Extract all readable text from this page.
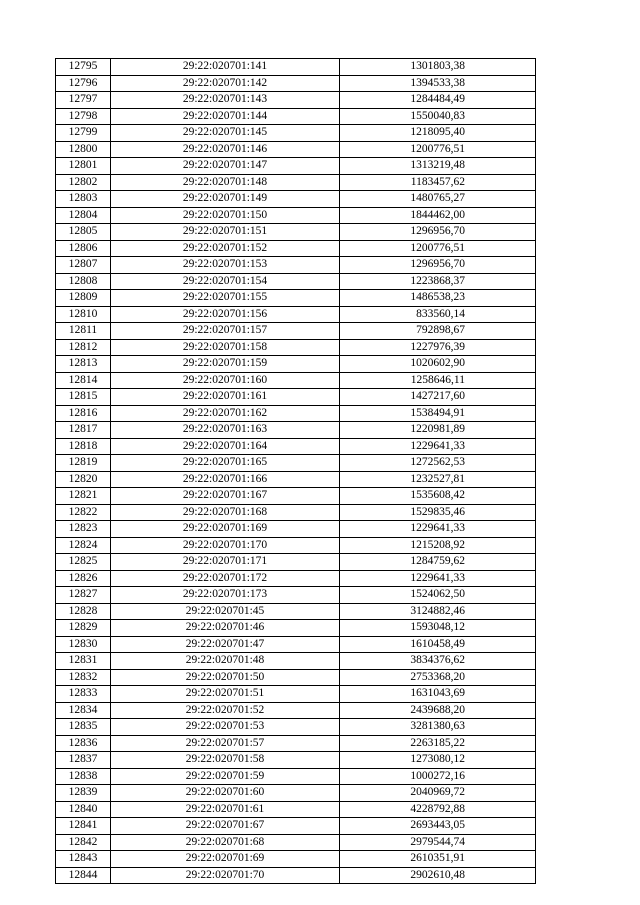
12795	29:22:020701:141	1301803,38
12796	29:22:020701:142	1394533,38
12797	29:22:020701:143	1284484,49
12798	29:22:020701:144	1550040,83
12799	29:22:020701:145	1218095,40
12800	29:22:020701:146	1200776,51
12801	29:22:020701:147	1313219,48
12802	29:22:020701:148	1183457,62
12803	29:22:020701:149	1480765,27
12804	29:22:020701:150	1844462,00
12805	29:22:020701:151	1296956,70
12806	29:22:020701:152	1200776,51
12807	29:22:020701:153	1296956,70
12808	29:22:020701:154	1223868,37
12809	29:22:020701:155	1486538,23
12810	29:22:020701:156	833560,14
12811	29:22:020701:157	792898,67
12812	29:22:020701:158	1227976,39
12813	29:22:020701:159	1020602,90
12814	29:22:020701:160	1258646,11
12815	29:22:020701:161	1427217,60
12816	29:22:020701:162	1538494,91
12817	29:22:020701:163	1220981,89
12818	29:22:020701:164	1229641,33
12819	29:22:020701:165	1272562,53
12820	29:22:020701:166	1232527,81
12821	29:22:020701:167	1535608,42
12822	29:22:020701:168	1529835,46
12823	29:22:020701:169	1229641,33
12824	29:22:020701:170	1215208,92
12825	29:22:020701:171	1284759,62
12826	29:22:020701:172	1229641,33
12827	29:22:020701:173	1524062,50
12828	29:22:020701:45	3124882,46
12829	29:22:020701:46	1593048,12
12830	29:22:020701:47	1610458,49
12831	29:22:020701:48	3834376,62
12832	29:22:020701:50	2753368,20
12833	29:22:020701:51	1631043,69
12834	29:22:020701:52	2439688,20
12835	29:22:020701:53	3281380,63
12836	29:22:020701:57	2263185,22
12837	29:22:020701:58	1273080,12
12838	29:22:020701:59	1000272,16
12839	29:22:020701:60	2040969,72
12840	29:22:020701:61	4228792,88
12841	29:22:020701:67	2693443,05
12842	29:22:020701:68	2979544,74
12843	29:22:020701:69	2610351,91
12844	29:22:020701:70	2902610,48
